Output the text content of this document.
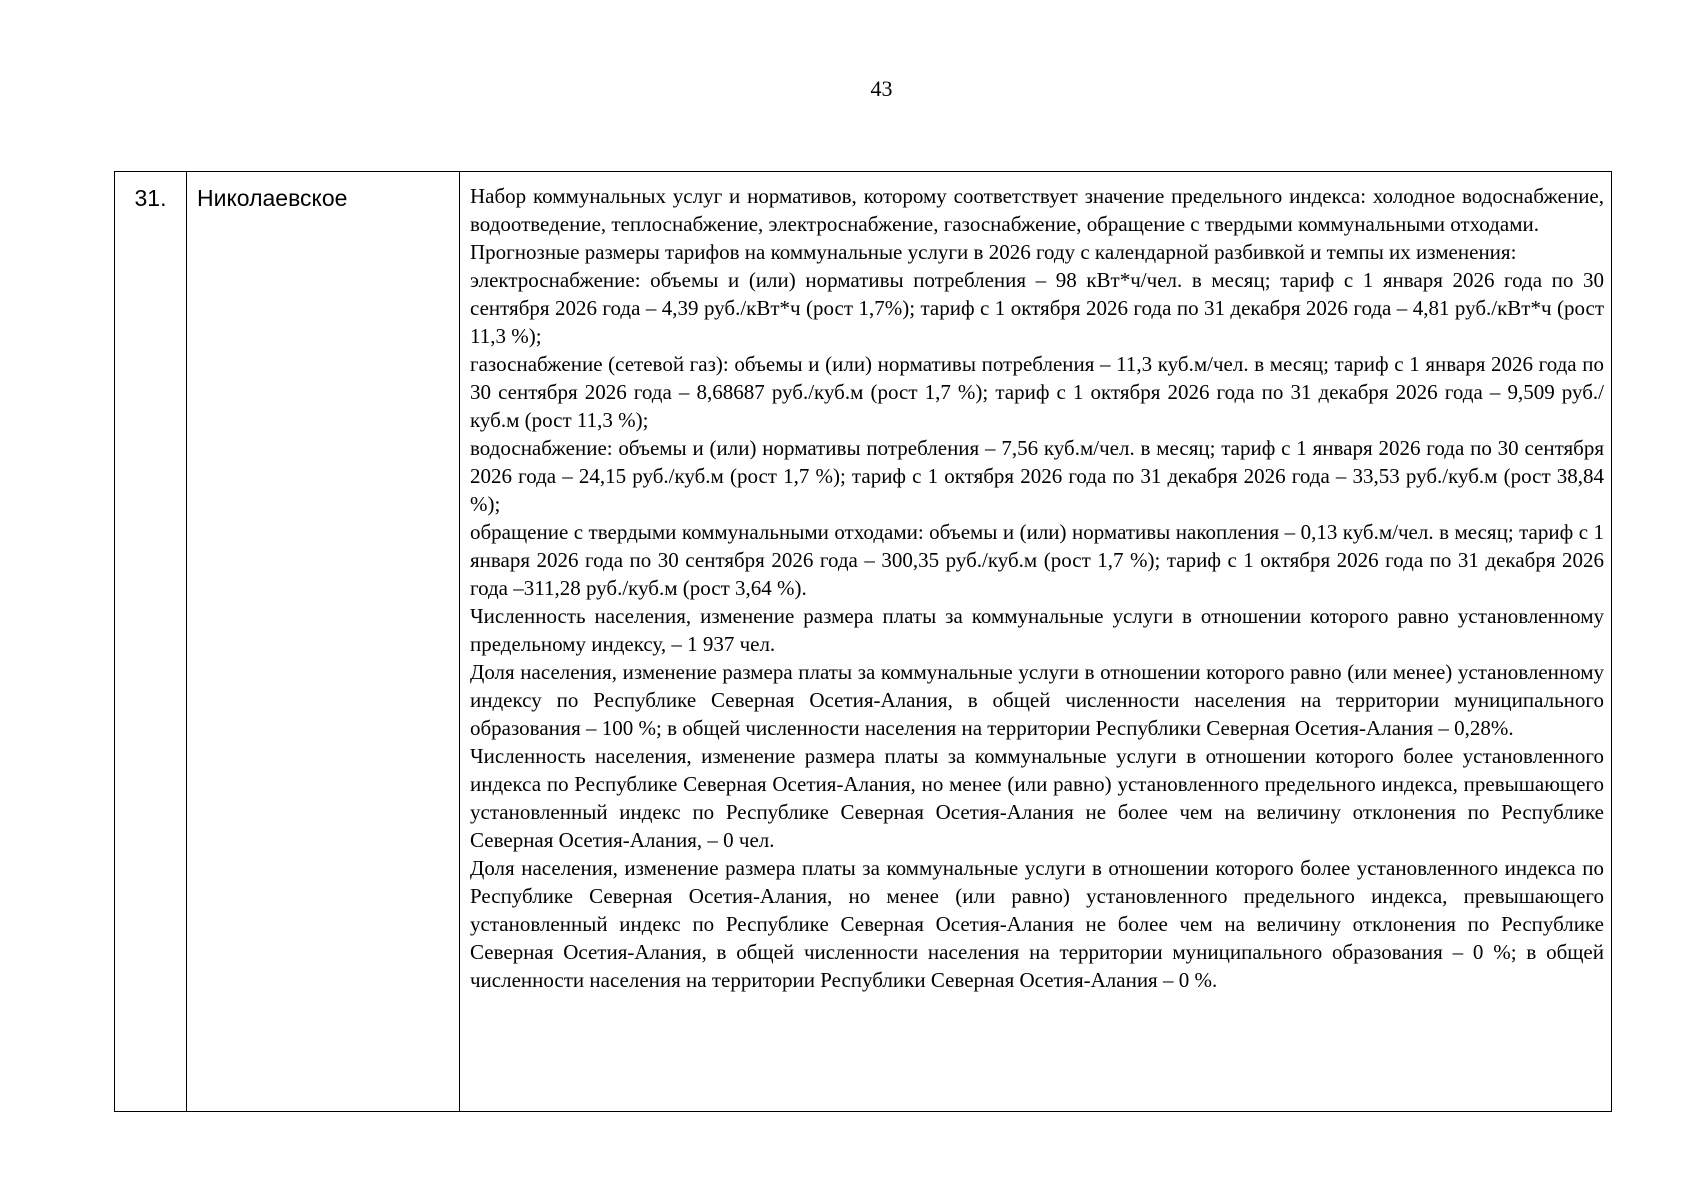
43
31.	Николаевское	Набор коммунальных услуг и нормативов, которому соответствует значение предельного индекса: холодное водоснабжение, водоотведение, теплоснабжение, электроснабжение, газоснабжение, обращение с твердыми коммунальными отходами.

Прогнозные размеры тарифов на коммунальные услуги в 2026 году с календарной разбивкой и темпы их изменения:

электроснабжение: объемы и (или) нормативы потребления – 98 кВт*ч/чел. в месяц; тариф с 1 января 2026 года по 30 сентября 2026 года – 4,39 руб./кВт*ч (рост 1,7%); тариф с 1 октября 2026 года по 31 декабря 2026 года – 4,81 руб./кВт*ч (рост 11,3 %);

газоснабжение (сетевой газ): объемы и (или) нормативы потребления – 11,3 куб.м/чел. в месяц; тариф с 1 января 2026 года по 30 сентября 2026 года – 8,68687 руб./куб.м (рост 1,7 %); тариф с 1 октября 2026 года по 31 декабря 2026 года – 9,509 руб./куб.м (рост 11,3 %);

водоснабжение: объемы и (или) нормативы потребления – 7,56 куб.м/чел. в месяц; тариф с 1 января 2026 года по 30 сентября 2026 года – 24,15 руб./куб.м (рост 1,7 %); тариф с 1 октября 2026 года по 31 декабря 2026 года – 33,53 руб./куб.м (рост 38,84 %);

обращение с твердыми коммунальными отходами: объемы и (или) нормативы накопления – 0,13 куб.м/чел. в месяц; тариф с 1 января 2026 года по 30 сентября 2026 года – 300,35 руб./куб.м (рост 1,7 %); тариф с 1 октября 2026 года по 31 декабря 2026 года –311,28 руб./куб.м (рост 3,64 %).

Численность населения, изменение размера платы за коммунальные услуги в отношении которого равно установленному предельному индексу, – 1 937 чел.

Доля населения, изменение размера платы за коммунальные услуги в отношении которого равно (или менее) установленному индексу по Республике Северная Осетия-Алания, в общей численности населения на территории муниципального образования – 100 %; в общей численности населения на территории Республики Северная Осетия-Алания – 0,28%.

Численность населения, изменение размера платы за коммунальные услуги в отношении которого более установленного индекса по Республике Северная Осетия-Алания, но менее (или равно) установленного предельного индекса, превышающего установленный индекс по Республике Северная Осетия-Алания не более чем на величину отклонения по Республике Северная Осетия-Алания, – 0 чел.

Доля населения, изменение размера платы за коммунальные услуги в отношении которого более установленного индекса по Республике Северная Осетия-Алания, но менее (или равно) установленного предельного индекса, превышающего установленный индекс по Республике Северная Осетия-Алания не более чем на величину отклонения по Республике Северная Осетия-Алания, в общей численности населения на территории муниципального образования – 0 %; в общей численности населения на территории Республики Северная Осетия-Алания – 0 %.
